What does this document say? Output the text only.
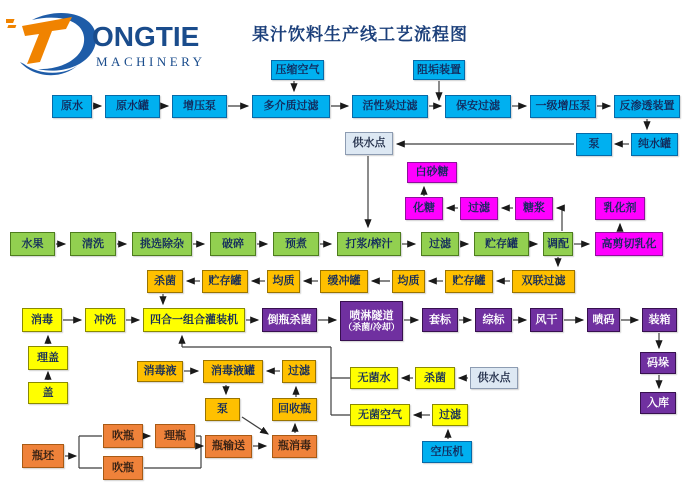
ONGTIE
MACHINERY
果汁饮料生产线工艺流程图
原水	原水罐	增压泵	多介质过滤	活性炭过滤	保安过滤	一级增压泵	反渗透装置
压缩空气	阻垢装置
纯水罐
泵
供水点
白砂糖
化糖	过滤	糖浆	乳化剂
高剪切乳化
水果	清洗	挑选除杂	破碎	预煮	打浆/榨汁	过滤	贮存罐	调配
杀菌	贮存罐	均质	缓冲罐	均质	贮存罐	双联过滤
消毒	冲洗	四合一组合灌装机	倒瓶杀菌	喷淋隧道
（杀菌/冷却）
套标	综标	风干	喷码	装箱
码垛
入库
理盖
盖
消毒液	消毒液罐	过滤
泵	回收瓶
瓶输送	瓶消毒
瓶坯
吹瓶	理瓶
吹瓶
无菌水	杀菌	供水点
无菌空气	过滤
空压机
